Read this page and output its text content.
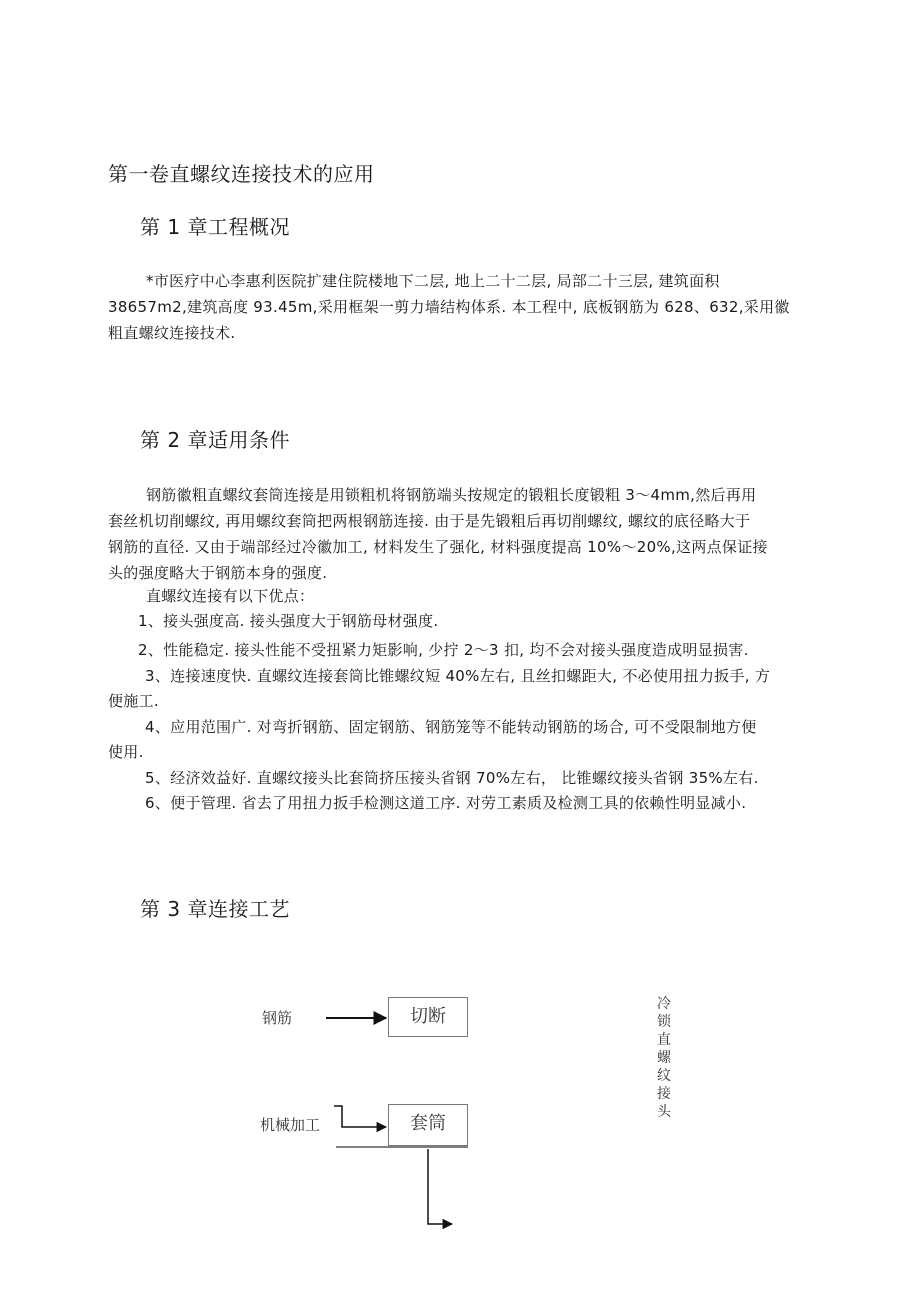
第一卷直螺纹连接技术的应用
第 1 章工程概况
*市医疗中心李惠利医院扩建住院楼地下二层, 地上二十二层, 局部二十三层, 建筑面积
38657m2,建筑高度 93.45m,采用框架一剪力墙结构体系. 本工程中, 底板钢筋为 628、632,采用徽
粗直螺纹连接技术.
第 2 章适用条件
钢筋徽粗直螺纹套筒连接是用锁粗机将钢筋端头按规定的锻粗长度锻粗 3～4mm,然后再用
套丝机切削螺纹, 再用螺纹套筒把两根钢筋连接. 由于是先锻粗后再切削螺纹, 螺纹的底径略大于
钢筋的直径. 又由于端部经过冷徽加工, 材料发生了强化, 材料强度提高 10%～20%,这两点保证接
头的强度略大于钢筋本身的强度.
直螺纹连接有以下优点：
1、接头强度高. 接头强度大于钢筋母材强度.
2、性能稳定. 接头性能不受扭紧力矩影响, 少拧 2～3 扣, 均不会对接头强度造成明显损害.
3、连接速度快. 直螺纹连接套筒比锥螺纹短 40%左右, 且丝扣螺距大, 不必使用扭力扳手, 方
便施工.
4、应用范围广. 对弯折钢筋、固定钢筋、钢筋笼等不能转动钢筋的场合, 可不受限制地方便
使用.
5、经济效益好. 直螺纹接头比套筒挤压接头省钢 70%左右， 比锥螺纹接头省钢 35%左右.
6、便于管理. 省去了用扭力扳手检测这道工序. 对劳工素质及检测工具的依赖性明显减小.
第 3 章连接工艺
钢筋	切断
机械加工	套筒
冷锁直螺纹接头
